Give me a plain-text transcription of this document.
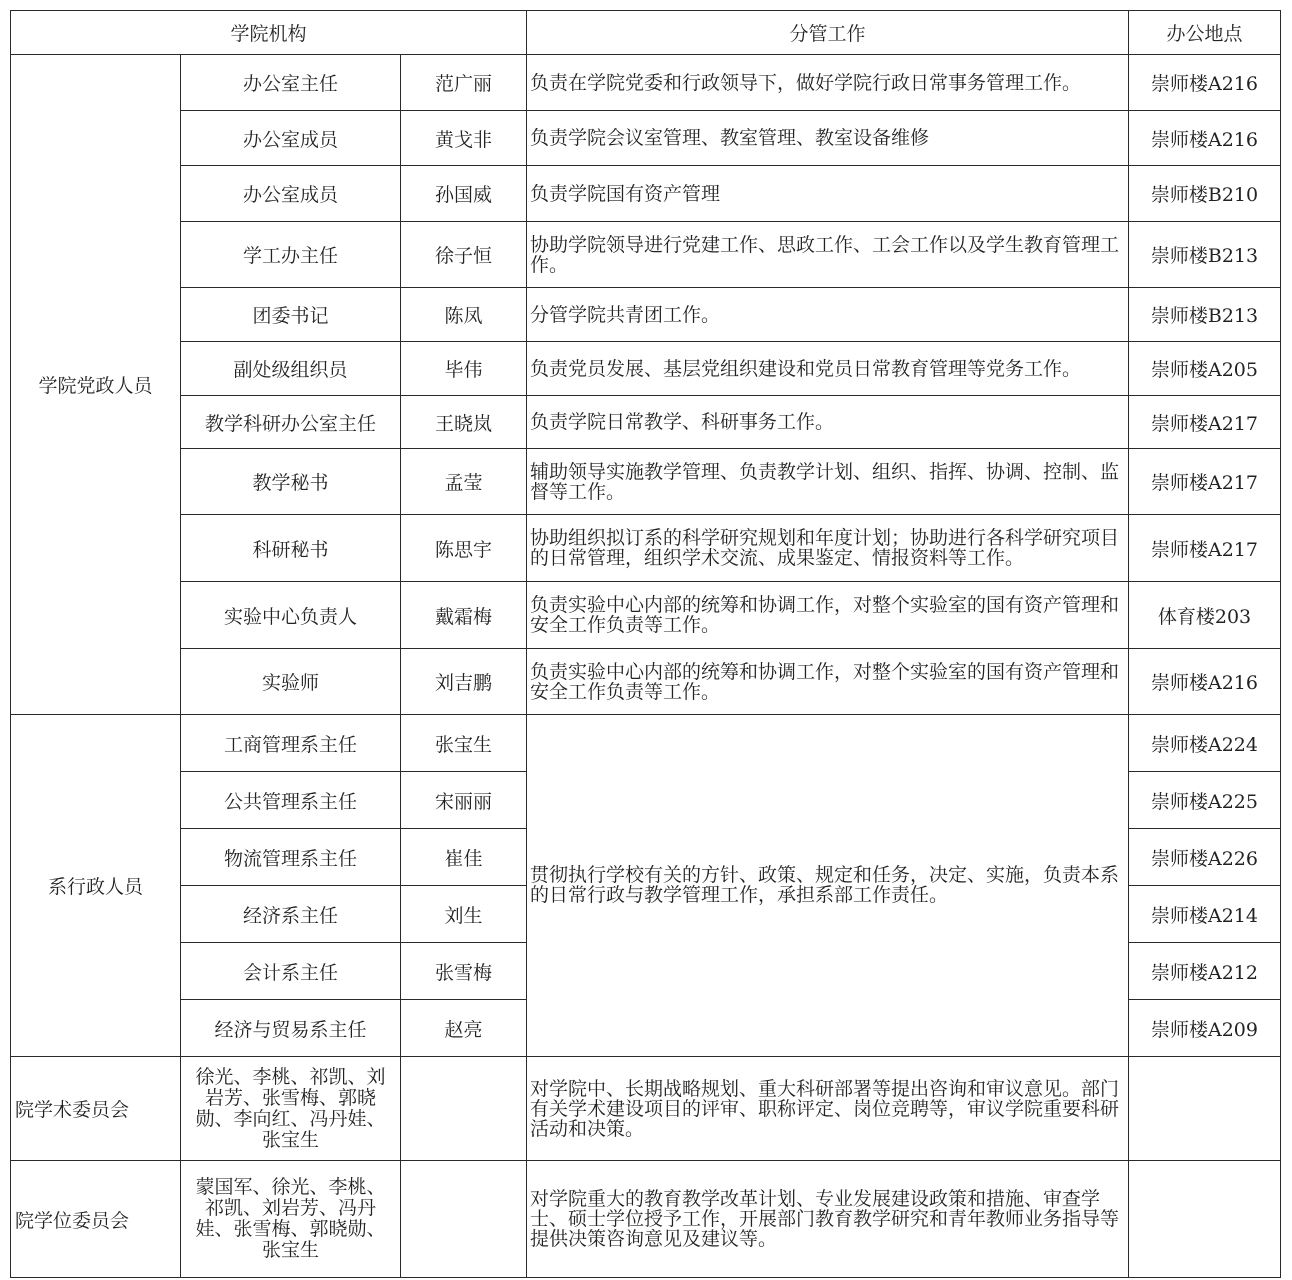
学院机构			分管工作	办公地点
学院党政人员	办公室主任	范广丽	负责在学院党委和行政领导下，做好学院行政日常事务管理工作。	崇师楼A216
	办公室成员	黄戈非	负责学院会议室管理、教室管理、教室设备维修	崇师楼A216
	办公室成员	孙国威	负责学院国有资产管理	崇师楼B210
	学工办主任	徐子恒	协助学院领导进行党建工作、思政工作、工会工作以及学生教育管理工作。	崇师楼B213
	团委书记	陈凤	分管学院共青团工作。	崇师楼B213
	副处级组织员	毕伟	负责党员发展、基层党组织建设和党员日常教育管理等党务工作。	崇师楼A205
	教学科研办公室主任	王晓岚	负责学院日常教学、科研事务工作。	崇师楼A217
	教学秘书	孟莹	辅助领导实施教学管理、负责教学计划、组织、指挥、协调、控制、监督等工作。	崇师楼A217
	科研秘书	陈思宇	协助组织拟订系的科学研究规划和年度计划；协助进行各科学研究项目的日常管理，组织学术交流、成果鉴定、情报资料等工作。	崇师楼A217
	实验中心负责人	戴霜梅	负责实验中心内部的统筹和协调工作，对整个实验室的国有资产管理和安全工作负责等工作。	体育楼203
	实验师	刘吉鹏	负责实验中心内部的统筹和协调工作，对整个实验室的国有资产管理和安全工作负责等工作。	崇师楼A216
系行政人员	工商管理系主任	张宝生	贯彻执行学校有关的方针、政策、规定和任务，决定、实施，负责本系的日常行政与教学管理工作，承担系部工作责任。	崇师楼A224
	公共管理系主任	宋丽丽		崇师楼A225
	物流管理系主任	崔佳		崇师楼A226
	经济系主任	刘生		崇师楼A214
	会计系主任	张雪梅		崇师楼A212
	经济与贸易系主任	赵亮		崇师楼A209
院学术委员会	徐光、李桃、祁凯、刘岩芳、张雪梅、郭晓勋、李向红、冯丹娃、张宝生		对学院中、长期战略规划、重大科研部署等提出咨询和审议意见。部门有关学术建设项目的评审、职称评定、岗位竞聘等，审议学院重要科研活动和决策。	
院学位委员会	蒙国军、徐光、李桃、祁凯、刘岩芳、冯丹娃、张雪梅、郭晓勋、张宝生		对学院重大的教育教学改革计划、专业发展建设政策和措施、审查学士、硕士学位授予工作，开展部门教育教学研究和青年教师业务指导等提供决策咨询意见及建议等。	
